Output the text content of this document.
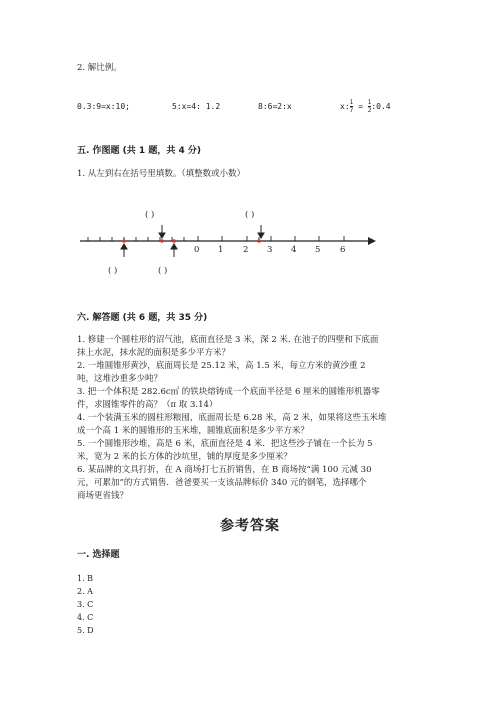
2. 解比例。
0.3:9=x:10;	5:x=4: 1.2	8:6=2:x	x: $\frac{1}{7} = \frac{1}{2}$ :0.4
五. 作图题 (共 1 题，共 4 分)
1. 从左到右在括号里填数。（填整数或小数）
0 1 2 3 4 5 6
( )	( )
( )	( )
六. 解答题 (共 6 题，共 35 分)
1. 修建一个圆柱形的沼气池，底面直径是 3 米，深 2 米. 在池子的四壁和下底面
抹上水泥，抹水泥的面积是多少平方米？
2. 一堆圆锥形黄沙，底面周长是 25.12 米，高 1.5 米，每立方米的黄沙重 2
吨，这堆沙重多少吨？
3. 把一个体积是 282.6c㎡ 的铁块熔铸成一个底面半径是 6 厘米的圆锥形机器零
件，求圆锥零件的高？（π 取 3.14）
4. 一个装满玉米的圆柱形粮囤，底面周长是 6.28 米，高 2 米，如果将这些玉米堆
成一个高 1 米的圆锥形的玉米堆，圆锥底面积是多少平方米？
5. 一个圆锥形沙堆，高是 6 米，底面直径是 4 米．把这些沙子铺在一个长为 5
米，宽为 2 米的长方体的沙坑里，铺的厚度是多少厘米？
6. 某品牌的文具打折，在 A 商场打七五折销售，在 B 商场按“满 100 元减 30
元，可累加”的方式销售．爸爸要买一支该品牌标价 340 元的钢笔，选择哪个
商场更省钱？
参考答案
一. 选择题
1. B
2. A
3. C
4. C
5. D
